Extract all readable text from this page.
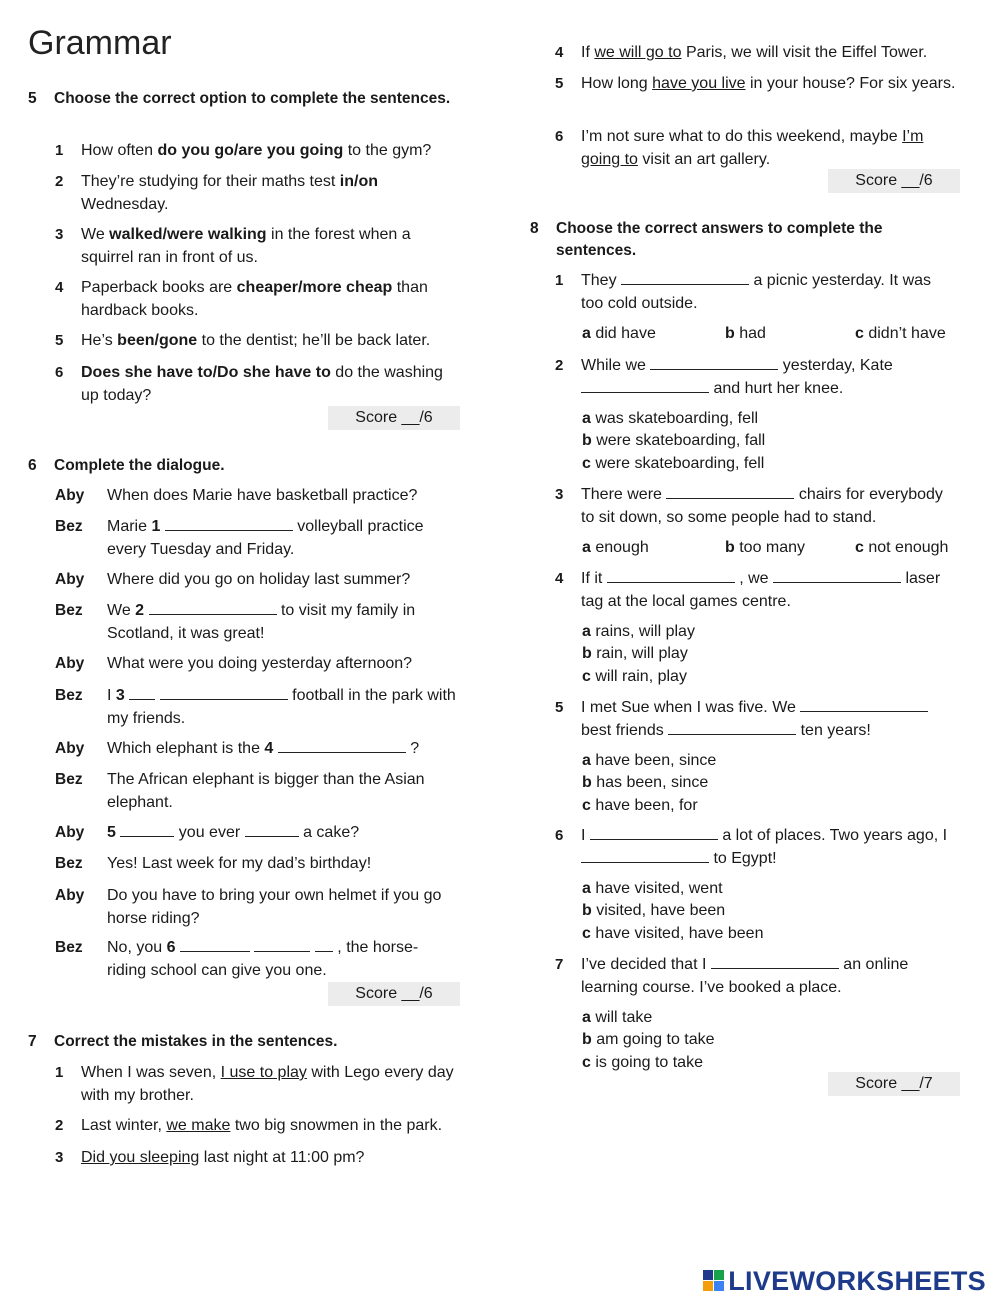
Grammar
5 Choose the correct option to complete the sentences.
1 How often do you go/are you going to the gym?
2 They’re studying for their maths test in/on Wednesday.
3 We walked/were walking in the forest when a squirrel ran in front of us.
4 Paperback books are cheaper/more cheap than hardback books.
5 He’s been/gone to the dentist; he’ll be back later.
6 Does she have to/Do she have to do the washing up today?
Score __/6
6 Complete the dialogue.
Aby When does Marie have basketball practice?
Bez Marie 1	volleyball practice every Tuesday and Friday.
Aby Where did you go on holiday last summer?
Bez We 2	to visit my family in Scotland, it was great!
Aby What were you doing yesterday afternoon?
Bez I 3	football in the park with my friends.
Aby Which elephant is the 4	?
Bez The African elephant is bigger than the Asian elephant.
Aby 5	you ever	a cake?
Bez Yes! Last week for my dad’s birthday!
Aby Do you have to bring your own helmet if you go horse riding?
Bez No, you 6	, the horse-riding school can give you one.
Score __/6
7 Correct the mistakes in the sentences.
1 When I was seven, I use to play with Lego every day with my brother.
2 Last winter, we make two big snowmen in the park.
3 Did you sleeping last night at 11:00 pm?
4 If we will go to Paris, we will visit the Eiffel Tower.
5 How long have you live in your house? For six years.
6 I’m not sure what to do this weekend, maybe I’m going to visit an art gallery.
Score __/6
8 Choose the correct answers to complete the sentences.
1 They	a picnic yesterday. It was
too cold outside.
a did have	b had	c didn’t have
2 While we	yesterday, Kate
and hurt her knee.
a was skateboarding, fell
b were skateboarding, fall
c were skateboarding, fell
3 There were	chairs for everybody
to sit down, so some people had to stand.
a enough	b too many	c not enough
4 If it	, we	laser
tag at the local games centre.
a rains, will play
b rain, will play
c will rain, play
5 I met Sue when I was five. We
best friends	ten years!
a have been, since
b has been, since
c have been, for
6 I	a lot of places. Two years ago, I
to Egypt!
a have visited, went
b visited, have been
c have visited, have been
7 I’ve decided that I	an online
learning course. I’ve booked a place.
a will take
b am going to take
c is going to take
Score __/7
LIVEWORKSHEETS
